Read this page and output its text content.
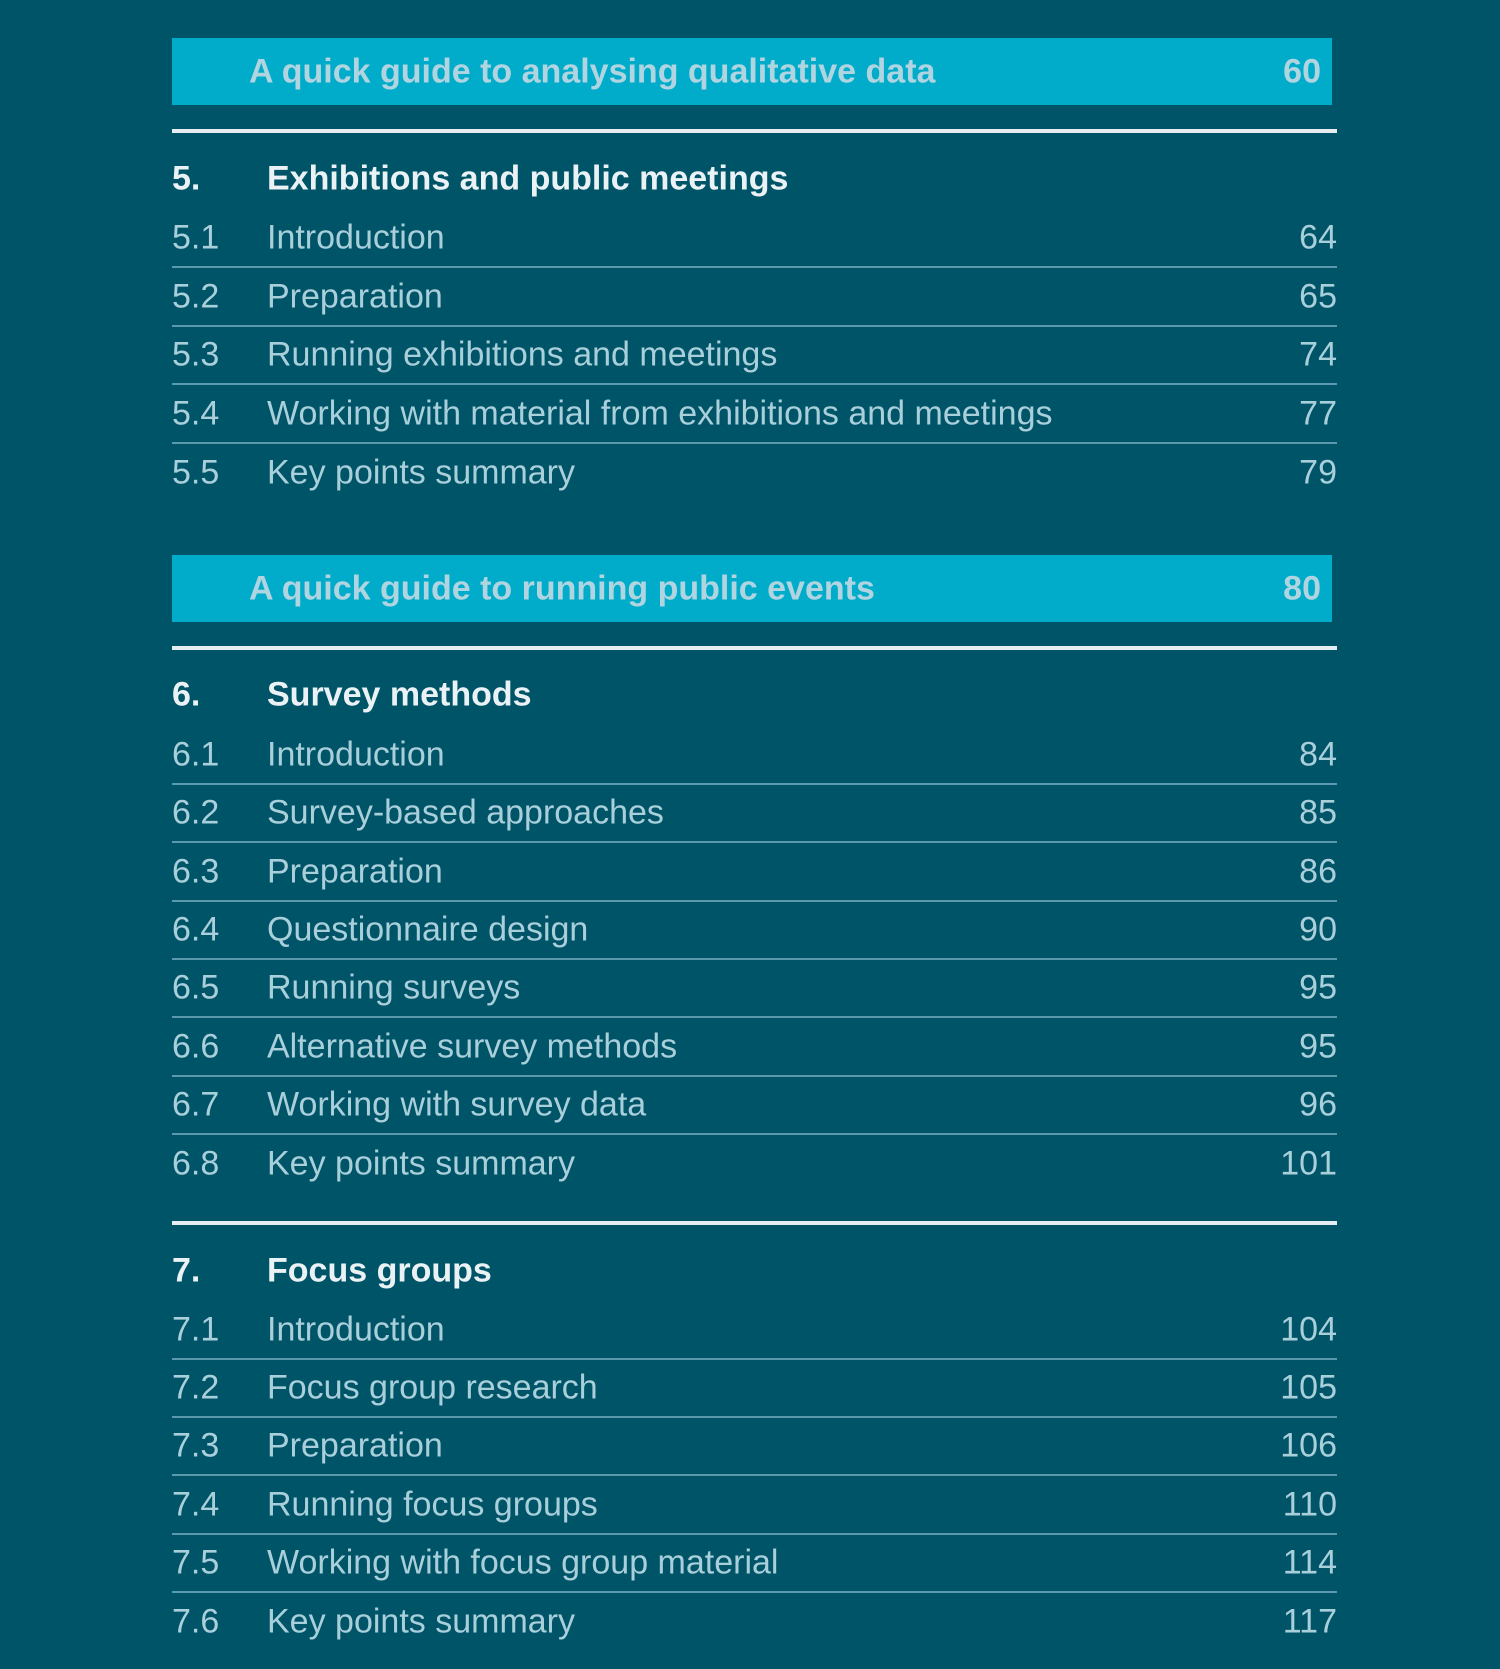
A quick guide to analysing qualitative data	60
5. Exhibitions and public meetings
5.1 Introduction	64
5.2 Preparation	65
5.3 Running exhibitions and meetings	74
5.4 Working with material from exhibitions and meetings	77
5.5 Key points summary	79
A quick guide to running public events	80
6. Survey methods
6.1 Introduction	84
6.2 Survey-based approaches	85
6.3 Preparation	86
6.4 Questionnaire design	90
6.5 Running surveys	95
6.6 Alternative survey methods	95
6.7 Working with survey data	96
6.8 Key points summary	101
7. Focus groups
7.1 Introduction	104
7.2 Focus group research	105
7.3 Preparation	106
7.4 Running focus groups	110
7.5 Working with focus group material	114
7.6 Key points summary	117
